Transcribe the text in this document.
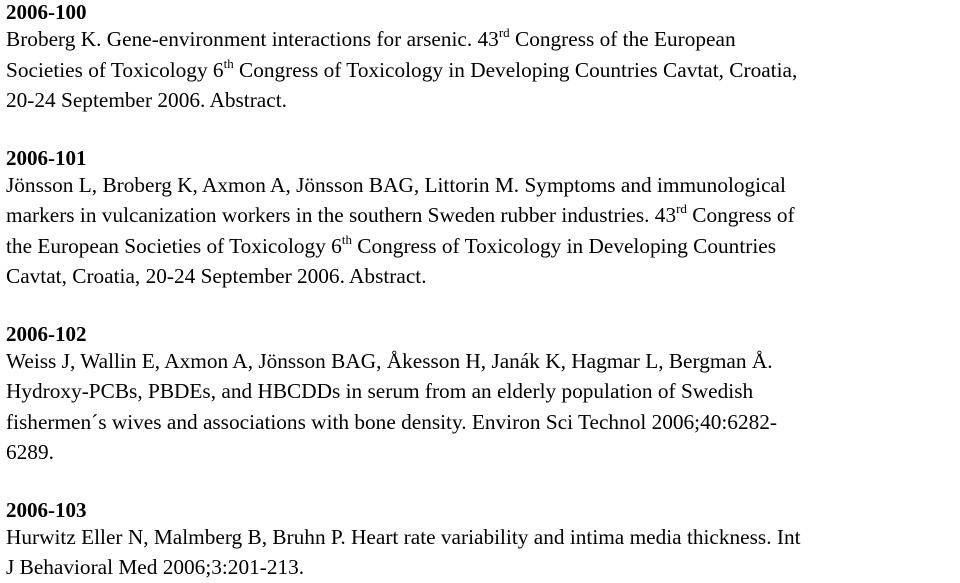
2006-100
Broberg K. Gene-environment interactions for arsenic. 43rd Congress of the European
Societies of Toxicology 6th Congress of Toxicology in Developing Countries Cavtat, Croatia,
20-24 September 2006. Abstract.
2006-101
Jönsson L, Broberg K, Axmon A, Jönsson BAG, Littorin M. Symptoms and immunological
markers in vulcanization workers in the southern Sweden rubber industries. 43rd Congress of
the European Societies of Toxicology 6th Congress of Toxicology in Developing Countries
Cavtat, Croatia, 20-24 September 2006. Abstract.
2006-102
Weiss J, Wallin E, Axmon A, Jönsson BAG, Åkesson H, Janák K, Hagmar L, Bergman Å.
Hydroxy-PCBs, PBDEs, and HBCDDs in serum from an elderly population of Swedish
fishermen´s wives and associations with bone density. Environ Sci Technol 2006;40:6282-
6289.
2006-103
Hurwitz Eller N, Malmberg B, Bruhn P. Heart rate variability and intima media thickness. Int
J Behavioral Med 2006;3:201-213.
